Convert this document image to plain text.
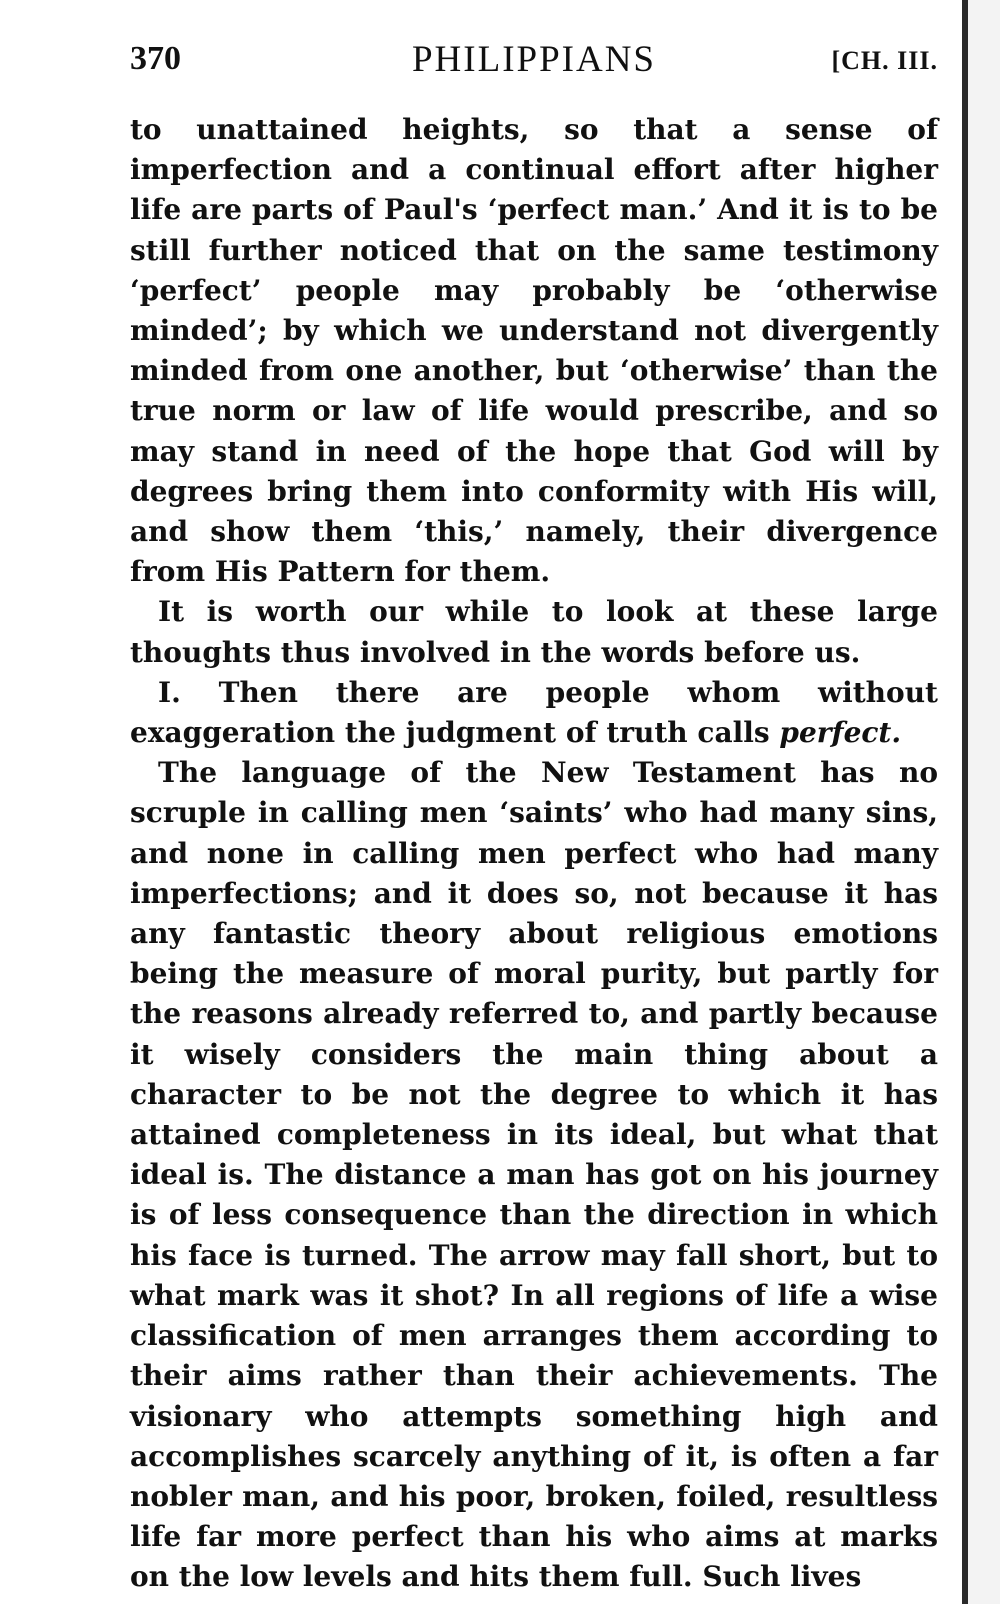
370	PHILIPPIANS	[CH. III.

to unattained heights, so that a sense of imperfection and a continual effort after higher life are parts of Paul's ‘perfect man.’ And it is to be still further noticed that on the same testimony ‘perfect’ people may probably be ‘otherwise minded’; by which we understand not divergently minded from one another, but ‘otherwise’ than the true norm or law of life would prescribe, and so may stand in need of the hope that God will by degrees bring them into conformity with His will, and show them ‘this,’ namely, their divergence from His Pattern for them.

It is worth our while to look at these large thoughts thus involved in the words before us.

I. Then there are people whom without exaggeration the judgment of truth calls perfect.

The language of the New Testament has no scruple in calling men ‘saints’ who had many sins, and none in calling men perfect who had many imperfections; and it does so, not because it has any fantastic theory about religious emotions being the measure of moral purity, but partly for the reasons already referred to, and partly because it wisely considers the main thing about a character to be not the degree to which it has attained completeness in its ideal, but what that ideal is. The distance a man has got on his journey is of less consequence than the direction in which his face is turned. The arrow may fall short, but to what mark was it shot? In all regions of life a wise classification of men arranges them according to their aims rather than their achievements. The visionary who attempts something high and accomplishes scarcely anything of it, is often a far nobler man, and his poor, broken, foiled, resultless life far more perfect than his who aims at marks on the low levels and hits them full. Such lives
